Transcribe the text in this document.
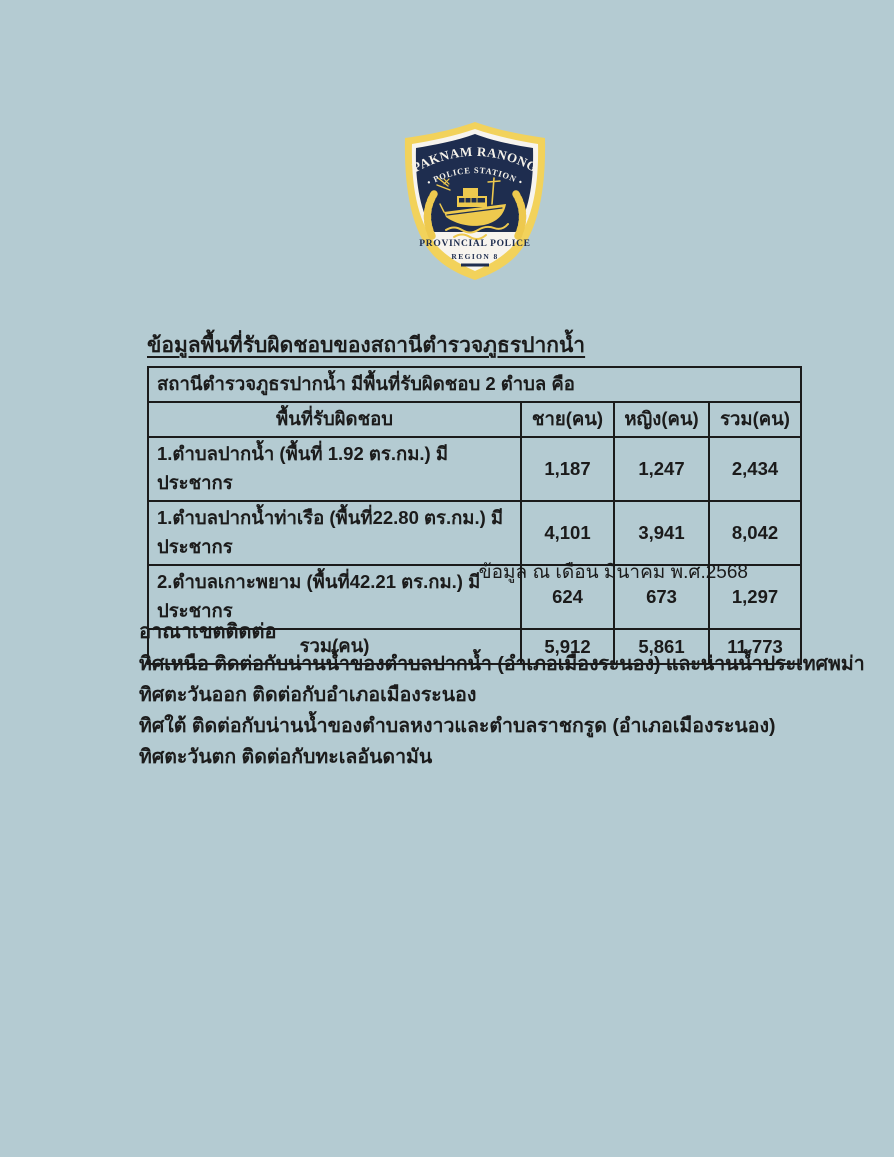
PAKNAM RANONG
• POLICE STATION •
PROVINCIAL POLICE
REGION 8
ข้อมูลพื้นที่รับผิดชอบของสถานีตำรวจภูธรปากน้ำ
สถานีตำรวจภูธรปากน้ำ มีพื้นที่รับผิดชอบ 2 ตำบล คือ			
พื้นที่รับผิดชอบ	ชาย(คน)	หญิง(คน)	รวม(คน)
1.ตำบลปากน้ำ (พื้นที่ 1.92 ตร.กม.) มีประชากร	1,187	1,247	2,434
1.ตำบลปากน้ำท่าเรือ (พื้นที่22.80 ตร.กม.) มีประชากร	4,101	3,941	8,042
2.ตำบลเกาะพยาม (พื้นที่42.21 ตร.กม.) มีประชากร	624	673	1,297
รวม(คน)	5,912	5,861	11,773
ข้อมูล ณ เดือน มีนาคม พ.ศ.2568
อาณาเขตติดต่อ
ทิศเหนือ ติดต่อกับน่านน้ำของตำบลปากน้ำ (อำเภอเมืองระนอง) และน่านน้ำประเทศพม่า
ทิศตะวันออก ติดต่อกับอำเภอเมืองระนอง
ทิศใต้ ติดต่อกับน่านน้ำของตำบลหงาวและตำบลราชกรูด (อำเภอเมืองระนอง)
ทิศตะวันตก ติดต่อกับทะเลอันดามัน
